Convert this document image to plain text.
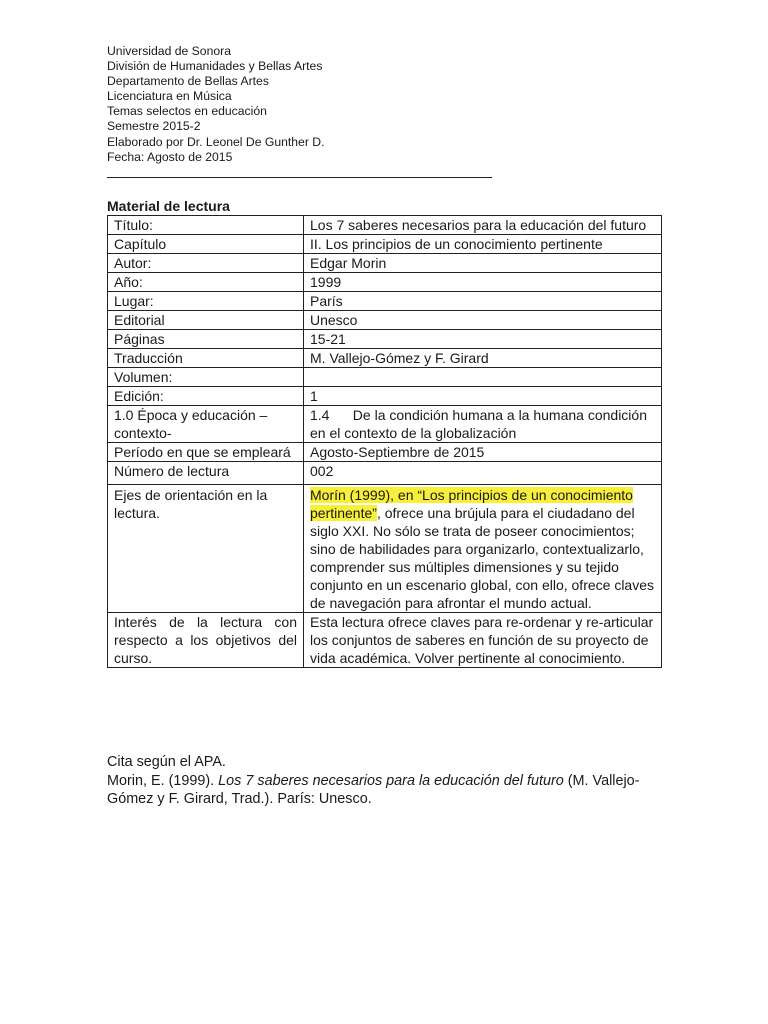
Universidad de Sonora
División de Humanidades y Bellas Artes
Departamento de Bellas Artes
Licenciatura en Música
Temas selectos en educación
Semestre 2015-2
Elaborado por Dr. Leonel De Gunther D.
Fecha: Agosto de 2015
Material de lectura
Título:	Los 7 saberes necesarios para la educación del futuro
Capítulo	II. Los principios de un conocimiento pertinente
Autor:	Edgar Morin
Año:	1999
Lugar:	París
Editorial	Unesco
Páginas	15-21
Traducción	M. Vallejo-Gómez y F. Girard
Volumen:	
Edición:	1
1.0 Época y educación – contexto-	1.4      De la condición humana a la humana condición en el contexto de la globalización
Período en que se empleará	Agosto-Septiembre de 2015
Número de lectura	002
Ejes de orientación en la lectura.	Morín (1999), en “Los principios de un conocimiento pertinente”, ofrece una brújula para el ciudadano del siglo XXI. No sólo se trata de poseer conocimientos; sino de habilidades para organizarlo, contextualizarlo, comprender sus múltiples dimensiones y su tejido conjunto en un escenario global, con ello, ofrece claves de navegación para afrontar el mundo actual.
Interés de la lectura con respecto a los objetivos del curso.	Esta lectura ofrece claves para re-ordenar y re-articular los conjuntos de saberes en función de su proyecto de vida académica. Volver pertinente al conocimiento.

Cita según el APA.

Morin, E. (1999). Los 7 saberes necesarios para la educación del futuro (M. Vallejo-Gómez y F. Girard, Trad.). París: Unesco.
